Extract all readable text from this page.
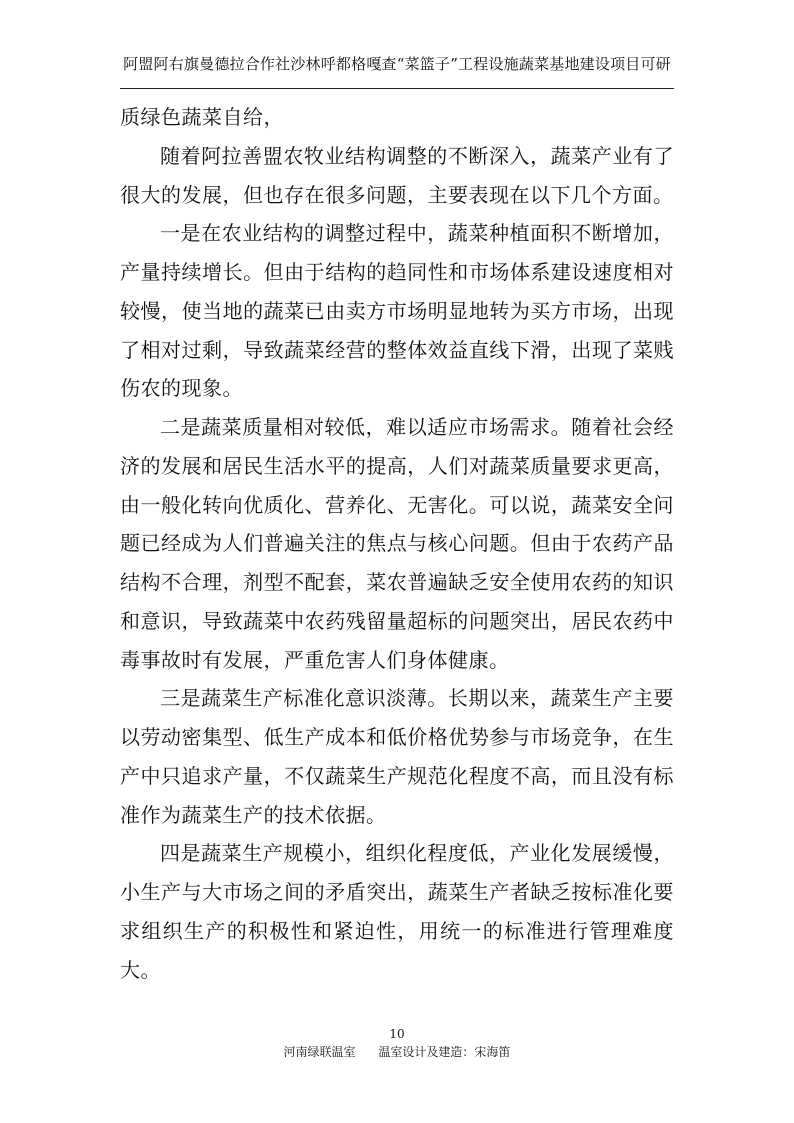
阿盟阿右旗曼德拉合作社沙林呼都格嘎查“菜篮子”工程设施蔬菜基地建设项目可研

质绿色蔬菜自给，

随着阿拉善盟农牧业结构调整的不断深入，蔬菜产业有了很大的发展，但也存在很多问题，主要表现在以下几个方面。

一是在农业结构的调整过程中，蔬菜种植面积不断增加，产量持续增长。但由于结构的趋同性和市场体系建设速度相对较慢，使当地的蔬菜已由卖方市场明显地转为买方市场，出现了相对过剩，导致蔬菜经营的整体效益直线下滑，出现了菜贱伤农的现象。

二是蔬菜质量相对较低，难以适应市场需求。随着社会经济的发展和居民生活水平的提高，人们对蔬菜质量要求更高，由一般化转向优质化、营养化、无害化。可以说，蔬菜安全问题已经成为人们普遍关注的焦点与核心问题。但由于农药产品结构不合理，剂型不配套，菜农普遍缺乏安全使用农药的知识和意识，导致蔬菜中农药残留量超标的问题突出，居民农药中毒事故时有发展，严重危害人们身体健康。

三是蔬菜生产标准化意识淡薄。长期以来，蔬菜生产主要以劳动密集型、低生产成本和低价格优势参与市场竞争，在生产中只追求产量，不仅蔬菜生产规范化程度不高，而且没有标准作为蔬菜生产的技术依据。

四是蔬菜生产规模小，组织化程度低，产业化发展缓慢，小生产与大市场之间的矛盾突出，蔬菜生产者缺乏按标准化要求组织生产的积极性和紧迫性，用统一的标准进行管理难度大。

10
河南绿联温室      温室设计及建造：宋海笛
